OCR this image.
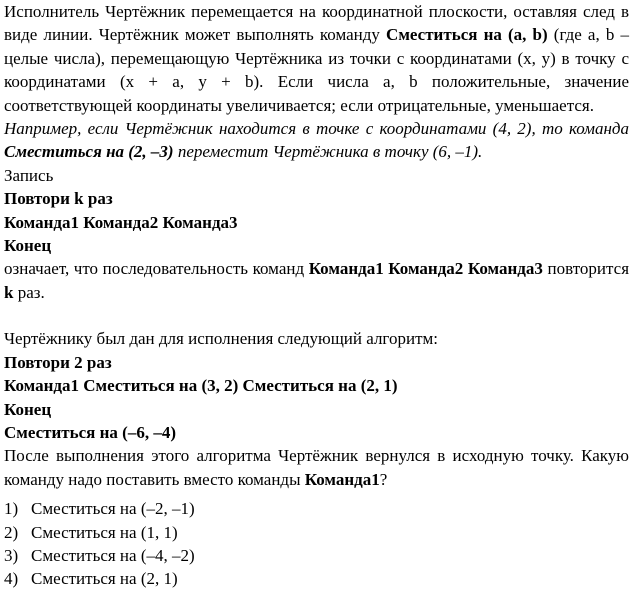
Исполнитель Чертёжник перемещается на координатной плоскости, оставляя след в виде линии. Чертёжник может выполнять команду Сместиться на (a, b) (где a, b – целые числа), перемещающую Чертёжника из точки с координатами (x, y) в точку с координатами (x + a, y + b). Если числа a, b положительные, значение соответствующей координаты увеличивается; если отрицательные, уменьшается.

Например, если Чертёжник находится в точке с координатами (4, 2), то команда Сместиться на (2, –3) переместит Чертёжника в точку (6, –1).

Запись

Повтори k раз

Команда1 Команда2 Команда3

Конец

означает, что последовательность команд Команда1 Команда2 Команда3 повторится k раз.

Чертёжнику был дан для исполнения следующий алгоритм:

Повтори 2 раз

Команда1 Сместиться на (3, 2) Сместиться на (2, 1)

Конец

Сместиться на (–6, –4)

После выполнения этого алгоритма Чертёжник вернулся в исходную точку. Какую команду надо поставить вместо команды Команда1?

1) Сместиться на (–2, –1)
2) Сместиться на (1, 1)
3) Сместиться на (–4, –2)
4) Сместиться на (2, 1)
